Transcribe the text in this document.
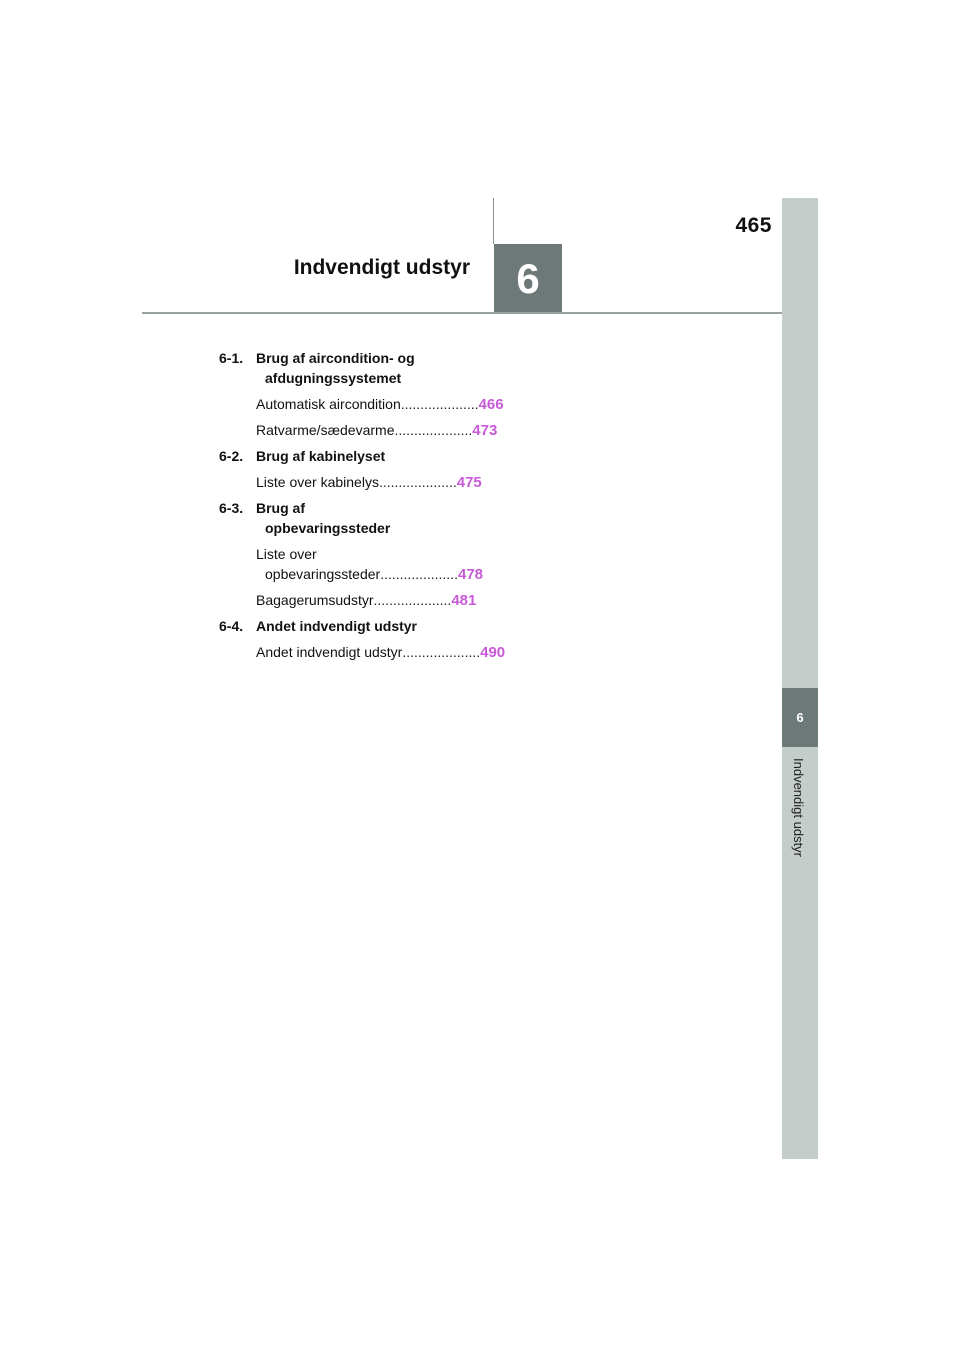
465
Indvendigt udstyr	6
6
Indvendigt udstyr
6-1. Brug af aircondition- og
afdugningssystemet
Automatisk aircondition .................... 466
Ratvarme/sædevarme .................... 473
6-2. Brug af kabinelyset
Liste over kabinelys .................... 475
6-3. Brug af
opbevaringssteder
Liste over
opbevaringssteder .................... 478
Bagagerumsudstyr .................... 481
6-4. Andet indvendigt udstyr
Andet indvendigt udstyr .................... 490
